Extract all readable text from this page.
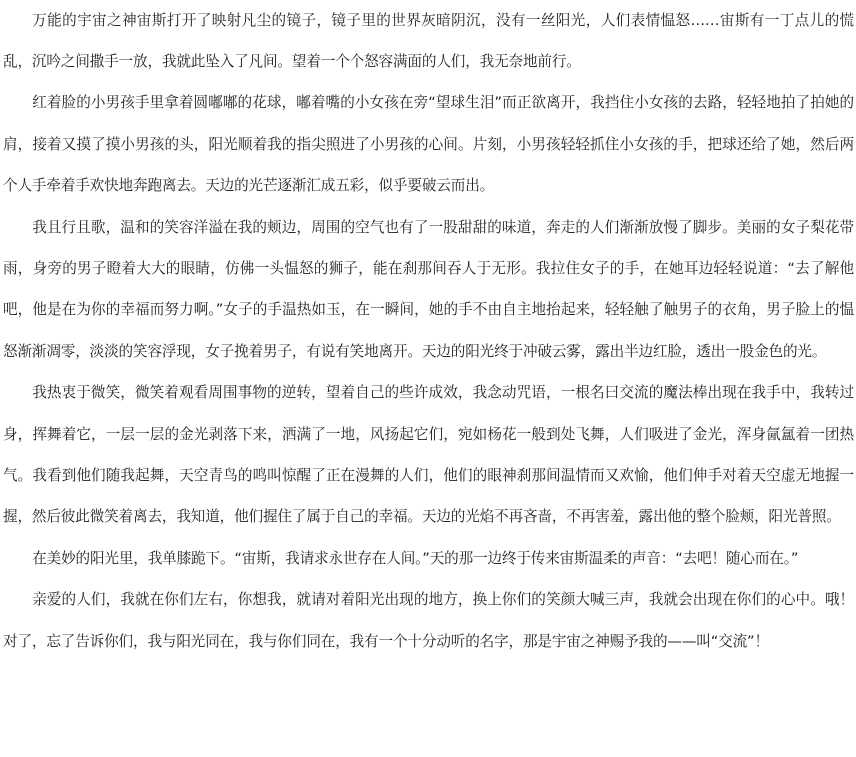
万能的宇宙之神宙斯打开了映射凡尘的镜子，镜子里的世界灰暗阴沉，没有一丝阳光，人们表情愠怒……宙斯有一丁点儿的慌乱，沉吟之间撒手一放，我就此坠入了凡间。望着一个个怒容满面的人们，我无奈地前行。

红着脸的小男孩手里拿着圆嘟嘟的花球，嘟着嘴的小女孩在旁“望球生泪”而正欲离开，我挡住小女孩的去路，轻轻地拍了拍她的肩，接着又摸了摸小男孩的头，阳光顺着我的指尖照进了小男孩的心间。片刻，小男孩轻轻抓住小女孩的手，把球还给了她，然后两个人手牵着手欢快地奔跑离去。天边的光芒逐渐汇成五彩，似乎要破云而出。

我且行且歌，温和的笑容洋溢在我的颊边，周围的空气也有了一股甜甜的味道，奔走的人们渐渐放慢了脚步。美丽的女子梨花带雨，身旁的男子瞪着大大的眼睛，仿佛一头愠怒的狮子，能在刹那间吞人于无形。我拉住女子的手，在她耳边轻轻说道：“去了解他吧，他是在为你的幸福而努力啊。”女子的手温热如玉，在一瞬间，她的手不由自主地抬起来，轻轻触了触男子的衣角，男子脸上的愠怒渐渐凋零，淡淡的笑容浮现，女子挽着男子，有说有笑地离开。天边的阳光终于冲破云雾，露出半边红脸，透出一股金色的光。

我热衷于微笑，微笑着观看周围事物的逆转，望着自己的些许成效，我念动咒语，一根名曰交流的魔法棒出现在我手中，我转过身，挥舞着它，一层一层的金光剥落下来，洒满了一地，风扬起它们，宛如杨花一般到处飞舞，人们吸进了金光，浑身氤氲着一团热气。我看到他们随我起舞，天空青鸟的鸣叫惊醒了正在漫舞的人们，他们的眼神刹那间温情而又欢愉，他们伸手对着天空虚无地握一握，然后彼此微笑着离去，我知道，他们握住了属于自己的幸福。天边的光焰不再吝啬，不再害羞，露出他的整个脸颊，阳光普照。

在美妙的阳光里，我单膝跪下。“宙斯，我请求永世存在人间。”天的那一边终于传来宙斯温柔的声音：“去吧！随心而在。”

亲爱的人们，我就在你们左右，你想我，就请对着阳光出现的地方，换上你们的笑颜大喊三声，我就会出现在你们的心中。哦！对了，忘了告诉你们，我与阳光同在，我与你们同在，我有一个十分动听的名字，那是宇宙之神赐予我的——叫“交流”！
